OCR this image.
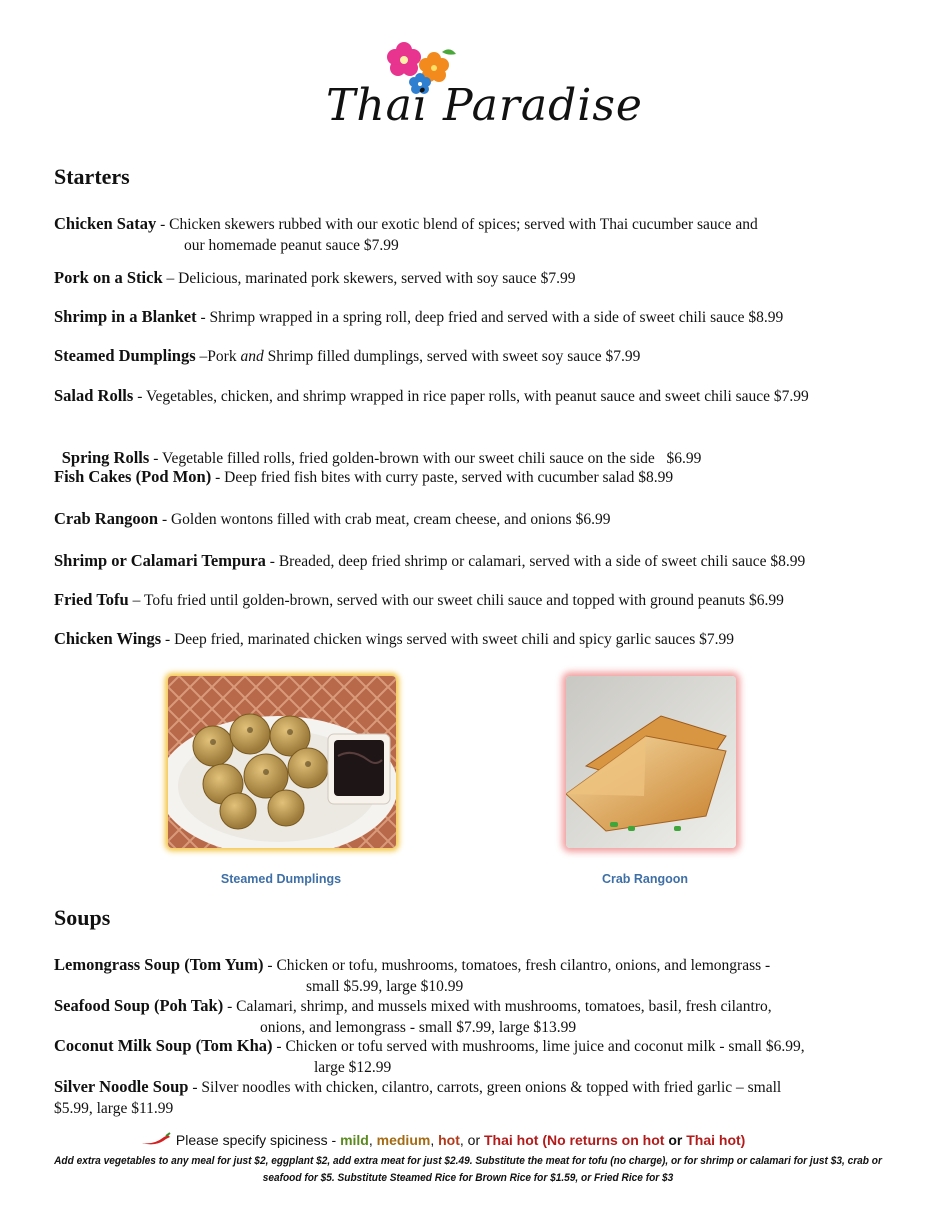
Thai Paradise
Starters
Chicken Satay - Chicken skewers rubbed with our exotic blend of spices; served with Thai cucumber sauce and
our homemade peanut sauce $7.99
Pork on a Stick – Delicious, marinated pork skewers, served with soy sauce $7.99
Shrimp in a Blanket - Shrimp wrapped in a spring roll, deep fried and served with a side of sweet chili sauce $8.99
Steamed Dumplings –Pork and Shrimp filled dumplings, served with sweet soy sauce $7.99
Salad Rolls - Vegetables, chicken, and shrimp wrapped in rice paper rolls, with peanut sauce and sweet chili sauce $7.99

Spring Rolls - Vegetable filled rolls, fried golden-brown with our sweet chili sauce on the side   $6.99

Fish Cakes (Pod Mon) - Deep fried fish bites with curry paste, served with cucumber salad $8.99
Crab Rangoon - Golden wontons filled with crab meat, cream cheese, and onions $6.99
Shrimp or Calamari Tempura - Breaded, deep fried shrimp or calamari, served with a side of sweet chili sauce $8.99
Fried Tofu – Tofu fried until golden-brown, served with our sweet chili sauce and topped with ground peanuts $6.99
Chicken Wings - Deep fried, marinated chicken wings served with sweet chili and spicy garlic sauces $7.99
Steamed Dumplings	Crab Rangoon
Soups
Lemongrass Soup (Tom Yum) - Chicken or tofu, mushrooms, tomatoes, fresh cilantro, onions, and lemongrass -
small $5.99, large $10.99
Seafood Soup (Poh Tak) - Calamari, shrimp, and mussels mixed with mushrooms, tomatoes, basil, fresh cilantro,
onions, and lemongrass - small $7.99, large $13.99
Coconut Milk Soup (Tom Kha) - Chicken or tofu served with mushrooms, lime juice and coconut milk - small $6.99,
large $12.99
Silver Noodle Soup - Silver noodles with chicken, cilantro, carrots, green onions & topped with fried garlic – small
$5.99, large $11.99
Please specify spiciness - mild, medium, hot, or Thai hot (No returns on hot or Thai hot)
Add extra vegetables to any meal for just $2, eggplant $2, add extra meat for just $2.49. Substitute the meat for tofu (no charge), or for shrimp or calamari for just $3, crab or seafood for $5. Substitute Steamed Rice for Brown Rice for $1.59, or Fried Rice for $3
